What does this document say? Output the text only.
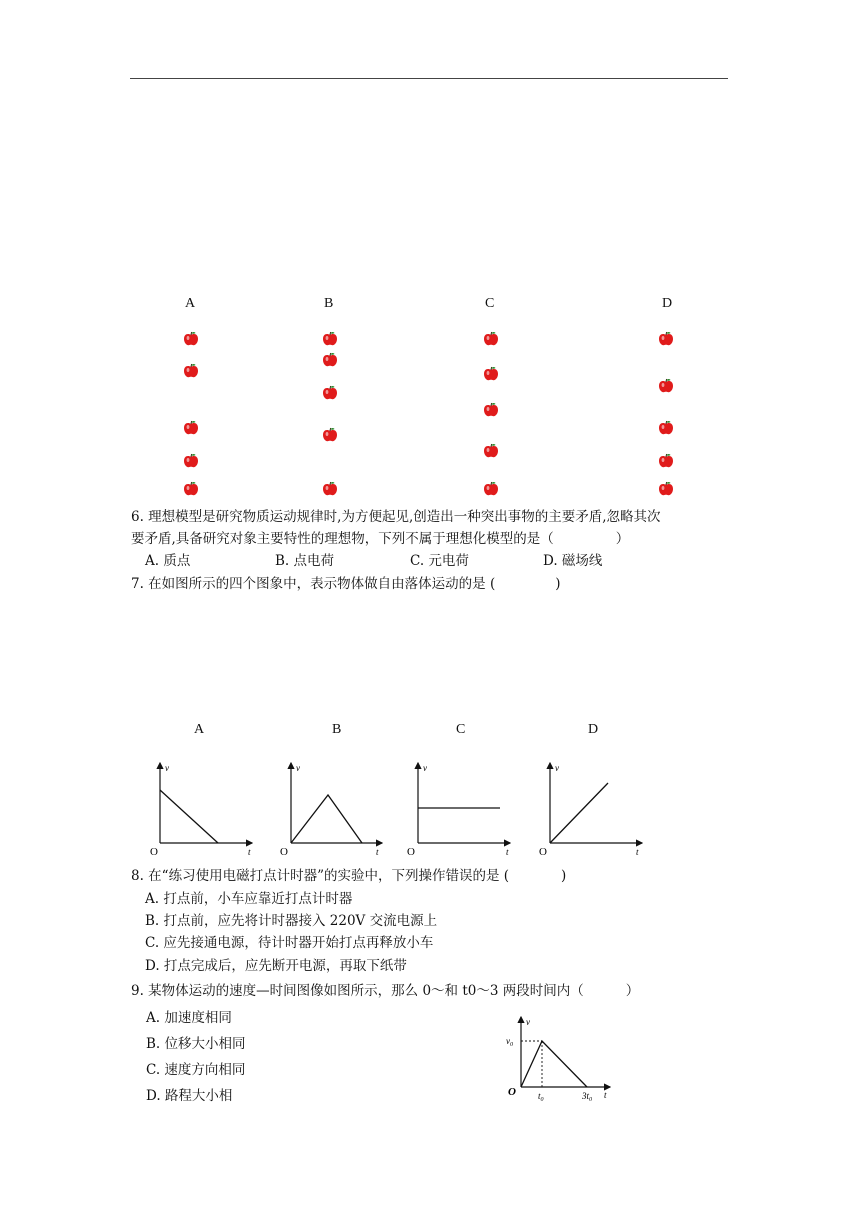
A	B	C	D
6. 理想模型是研究物质运动规律时,为方便起见,创造出一种突出事物的主要矛盾,忽略其次
要矛盾,具备研究对象主要特性的理想物，下列不属于理想化模型的是（	）
A. 质点	B. 点电荷	C. 元电荷	D. 磁场线
7. 在如图所示的四个图象中，表示物体做自由落体运动的是 (	)
A	B	C	D
v
t
O
v
t
O
v
t
O
v
t
O
8. 在“练习使用电磁打点计时器”的实验中，下列操作错误的是 (	)
A. 打点前，小车应靠近打点计时器
B. 打点前，应先将计时器接入 220V 交流电源上
C. 应先接通电源，待计时器开始打点再释放小车
D. 打点完成后，应先断开电源，再取下纸带
9. 某物体运动的速度—时间图像如图所示，那么 0～和 t0～3 两段时间内（	）
A. 加速度相同
B. 位移大小相同
C. 速度方向相同
D. 路程大小相
v
t
O
$v_0$
$t_0$	$3t_0$
